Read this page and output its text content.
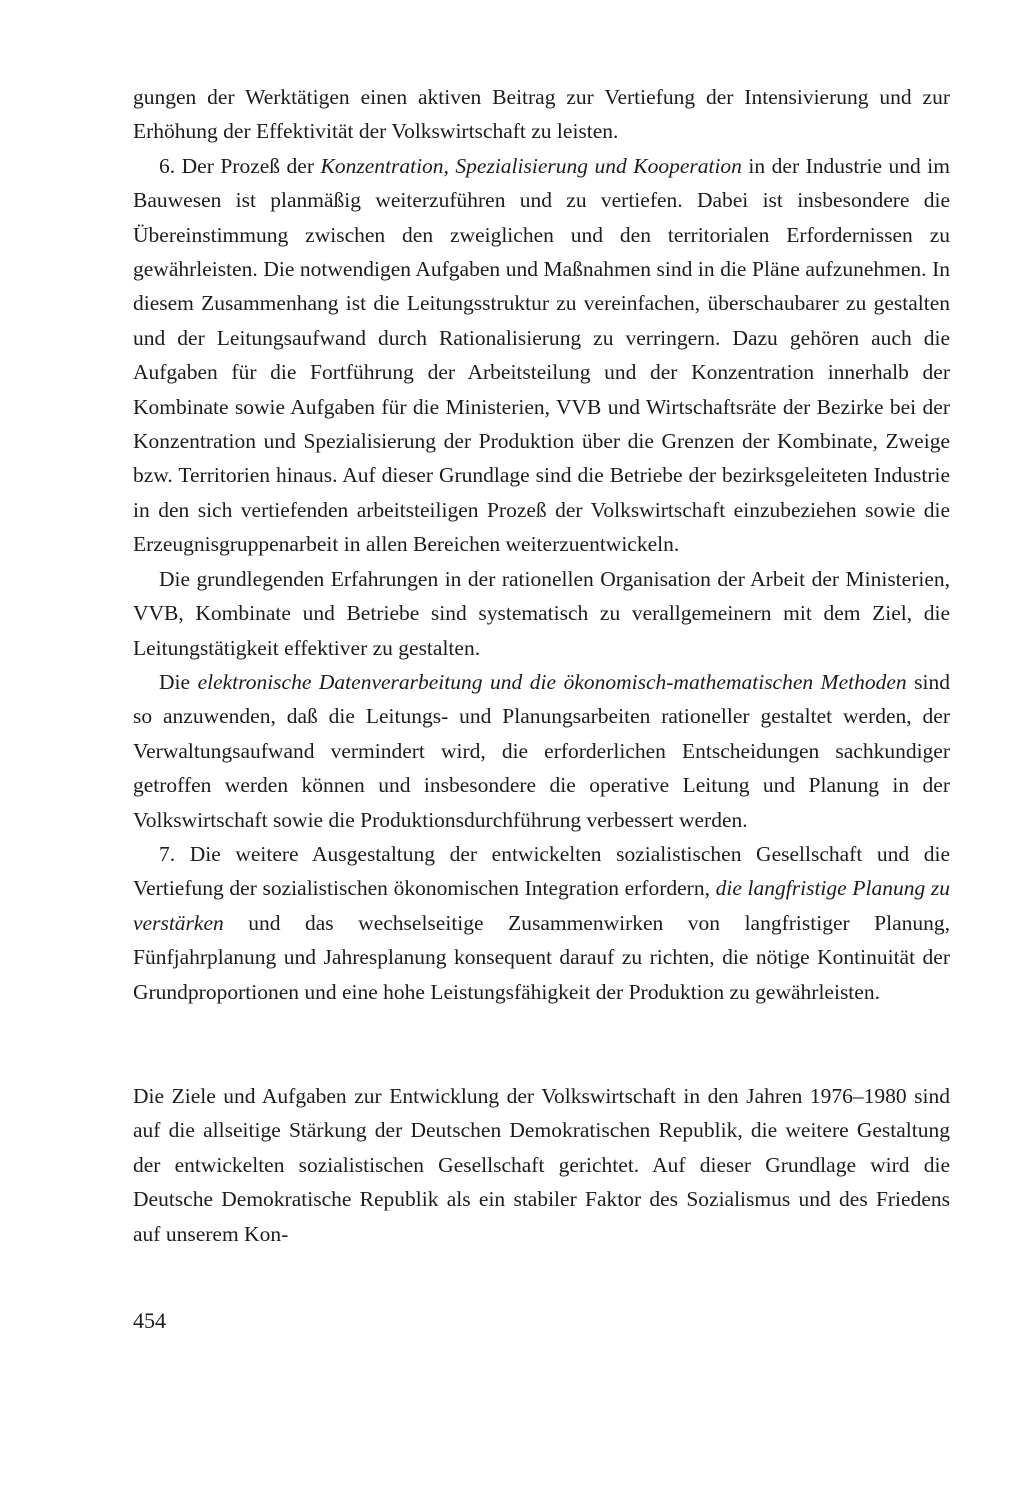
gungen der Werktätigen einen aktiven Beitrag zur Vertiefung der Intensivierung und zur Erhöhung der Effektivität der Volkswirtschaft zu leisten.

6. Der Prozeß der Konzentration, Spezialisierung und Kooperation in der Industrie und im Bauwesen ist planmäßig weiterzuführen und zu vertiefen. Dabei ist insbesondere die Übereinstimmung zwischen den zweiglichen und den territorialen Erfordernissen zu gewährleisten. Die notwendigen Aufgaben und Maßnahmen sind in die Pläne aufzunehmen. In diesem Zusammenhang ist die Leitungsstruktur zu vereinfachen, überschaubarer zu gestalten und der Leitungsaufwand durch Rationalisierung zu verringern. Dazu gehören auch die Aufgaben für die Fortführung der Arbeitsteilung und der Konzentration innerhalb der Kombinate sowie Aufgaben für die Ministerien, VVB und Wirtschaftsräte der Bezirke bei der Konzentration und Spezialisierung der Produktion über die Grenzen der Kombinate, Zweige bzw. Territorien hinaus. Auf dieser Grundlage sind die Betriebe der bezirksgeleiteten Industrie in den sich vertiefenden arbeitsteiligen Prozeß der Volkswirtschaft einzubeziehen sowie die Erzeugnisgruppenarbeit in allen Bereichen weiterzuentwickeln.

Die grundlegenden Erfahrungen in der rationellen Organisation der Arbeit der Ministerien, VVB, Kombinate und Betriebe sind systematisch zu verallgemeinern mit dem Ziel, die Leitungstätigkeit effektiver zu gestalten.

Die elektronische Datenverarbeitung und die ökonomisch-mathematischen Methoden sind so anzuwenden, daß die Leitungs- und Planungsarbeiten rationeller gestaltet werden, der Verwaltungsaufwand vermindert wird, die erforderlichen Entscheidungen sachkundiger getroffen werden können und insbesondere die operative Leitung und Planung in der Volkswirtschaft sowie die Produktionsdurchführung verbessert werden.

7. Die weitere Ausgestaltung der entwickelten sozialistischen Gesellschaft und die Vertiefung der sozialistischen ökonomischen Integration erfordern, die langfristige Planung zu verstärken und das wechselseitige Zusammenwirken von langfristiger Planung, Fünfjahrplanung und Jahresplanung konsequent darauf zu richten, die nötige Kontinuität der Grundproportionen und eine hohe Leistungsfähigkeit der Produktion zu gewährleisten.

Die Ziele und Aufgaben zur Entwicklung der Volkswirtschaft in den Jahren 1976–1980 sind auf die allseitige Stärkung der Deutschen Demokratischen Republik, die weitere Gestaltung der entwickelten sozialistischen Gesellschaft gerichtet. Auf dieser Grundlage wird die Deutsche Demokratische Republik als ein stabiler Faktor des Sozialismus und des Friedens auf unserem Kon-

454
